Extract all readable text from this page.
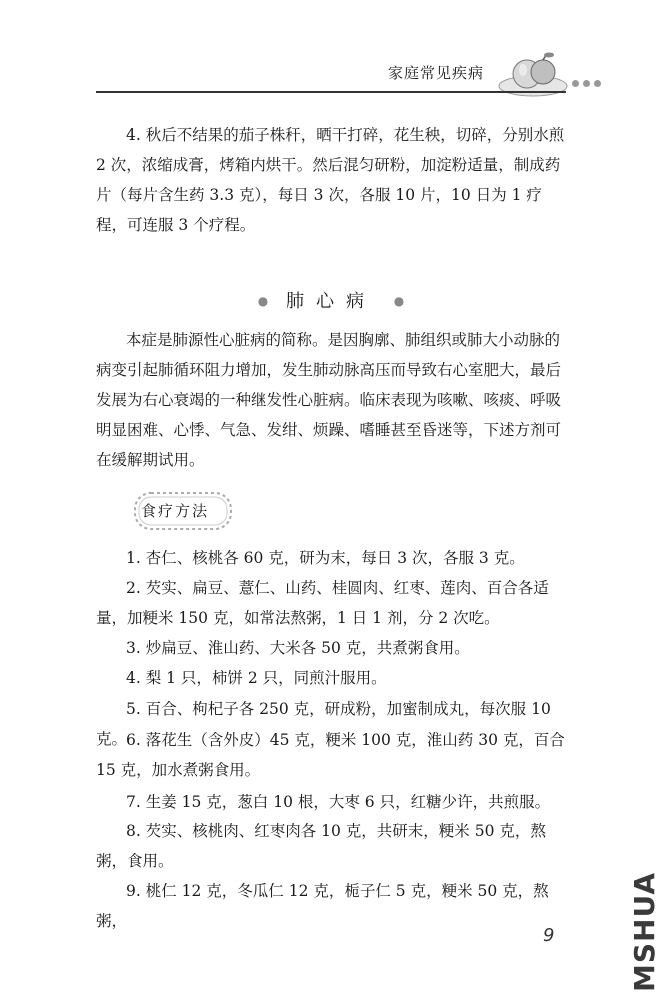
家庭常见疾病

4. 秋后不结果的茄子株秆，晒干打碎，花生秧，切碎，分别水煎 2 次，浓缩成膏，烤箱内烘干。然后混匀研粉，加淀粉适量，制成药片（每片含生药 3.3 克），每日 3 次，各服 10 片，10 日为 1 疗程，可连服 3 个疗程。

● 肺心病 ●

本症是肺源性心脏病的简称。是因胸廓、肺组织或肺大小动脉的病变引起肺循环阻力增加，发生肺动脉高压而导致右心室肥大，最后发展为右心衰竭的一种继发性心脏病。临床表现为咳嗽、咳痰、呼吸明显困难、心悸、气急、发绀、烦躁、嗜睡甚至昏迷等，下述方剂可在缓解期试用。

食疗方法

1. 杏仁、核桃各 60 克，研为末，每日 3 次，各服 3 克。

2. 芡实、扁豆、薏仁、山药、桂圆肉、红枣、莲肉、百合各适量，加粳米 150 克，如常法熬粥，1 日 1 剂，分 2 次吃。

3. 炒扁豆、淮山药、大米各 50 克，共煮粥食用。

4. 梨 1 只，柿饼 2 只，同煎汁服用。

5. 百合、枸杞子各 250 克，研成粉，加蜜制成丸，每次服 10 克。

6. 落花生（含外皮）45 克，粳米 100 克，淮山药 30 克，百合 15 克，加水煮粥食用。

7. 生姜 15 克，葱白 10 根，大枣 6 只，红糖少许，共煎服。

8. 芡实、核桃肉、红枣肉各 10 克，共研末，粳米 50 克，熬粥，食用。

9. 桃仁 12 克，冬瓜仁 12 克，栀子仁 5 克，粳米 50 克，熬粥，

9	MSHUA
